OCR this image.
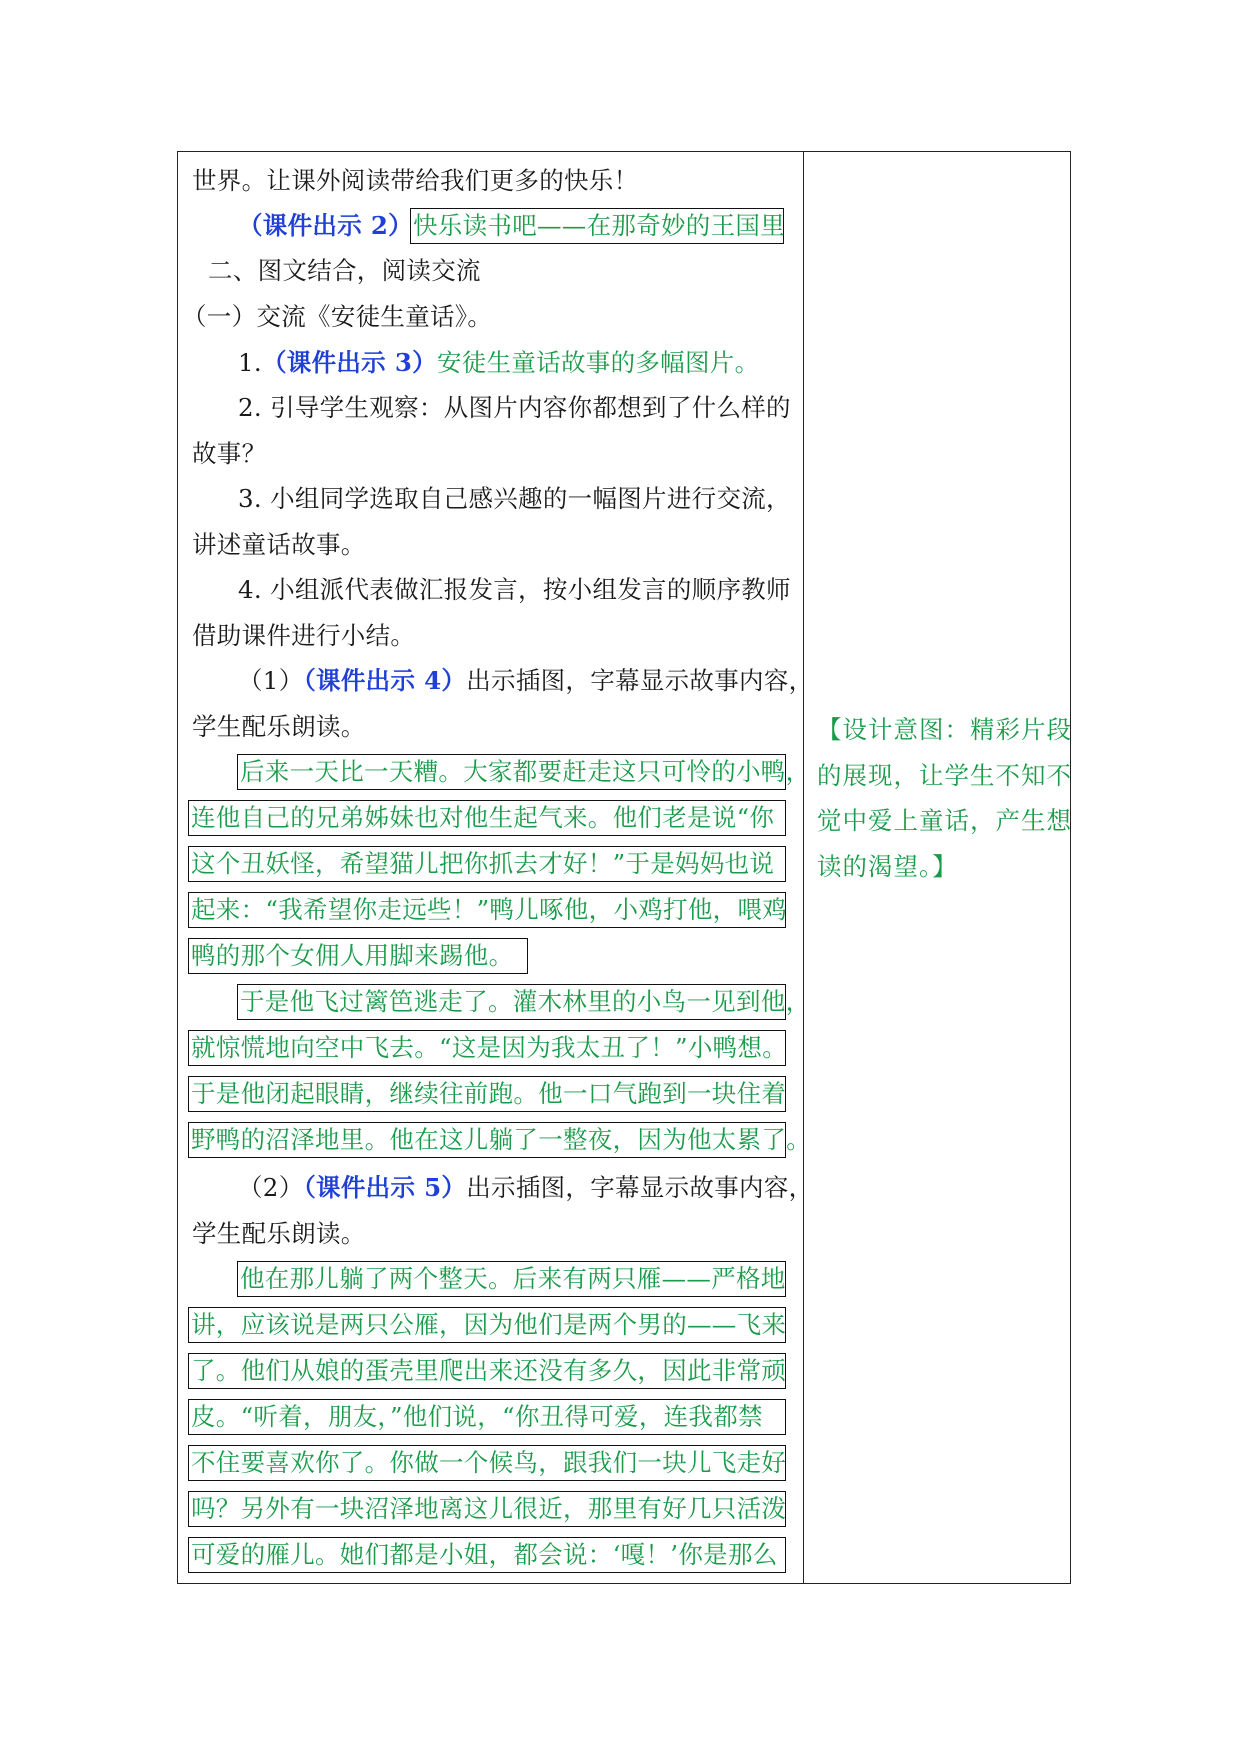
世界。让课外阅读带给我们更多的快乐！
（课件出示 2） 快乐读书吧——在那奇妙的王国里
二、图文结合，阅读交流
（一）交流《安徒生童话》。
1.（课件出示 3）安徒生童话故事的多幅图片。
2. 引导学生观察：从图片内容你都想到了什么样的
故事？
3. 小组同学选取自己感兴趣的一幅图片进行交流，
讲述童话故事。
4. 小组派代表做汇报发言，按小组发言的顺序教师
借助课件进行小结。
（1）（课件出示 4）出示插图，字幕显示故事内容，
学生配乐朗读。
后来一天比一天糟。大家都要赶走这只可怜的小鸭，
连他自己的兄弟姊妹也对他生起气来。他们老是说“你
这个丑妖怪，希望猫儿把你抓去才好！”于是妈妈也说
起来：“我希望你走远些！”鸭儿啄他，小鸡打他，喂鸡
鸭的那个女佣人用脚来踢他。
于是他飞过篱笆逃走了。灌木林里的小鸟一见到他，
就惊慌地向空中飞去。“这是因为我太丑了！”小鸭想。
于是他闭起眼睛，继续往前跑。他一口气跑到一块住着
野鸭的沼泽地里。他在这儿躺了一整夜，因为他太累了。
（2）（课件出示 5）出示插图，字幕显示故事内容，
学生配乐朗读。
他在那儿躺了两个整天。后来有两只雁——严格地
讲，应该说是两只公雁，因为他们是两个男的——飞来
了。他们从娘的蛋壳里爬出来还没有多久，因此非常顽
皮。“听着，朋友，”他们说，“你丑得可爱，连我都禁
不住要喜欢你了。你做一个候鸟，跟我们一块儿飞走好
吗？另外有一块沼泽地离这儿很近，那里有好几只活泼
可爱的雁儿。她们都是小姐，都会说：‘嘎！’你是那么
【设计意图：精彩片段
的展现，让学生不知不
觉中爱上童话，产生想
读的渴望。】
